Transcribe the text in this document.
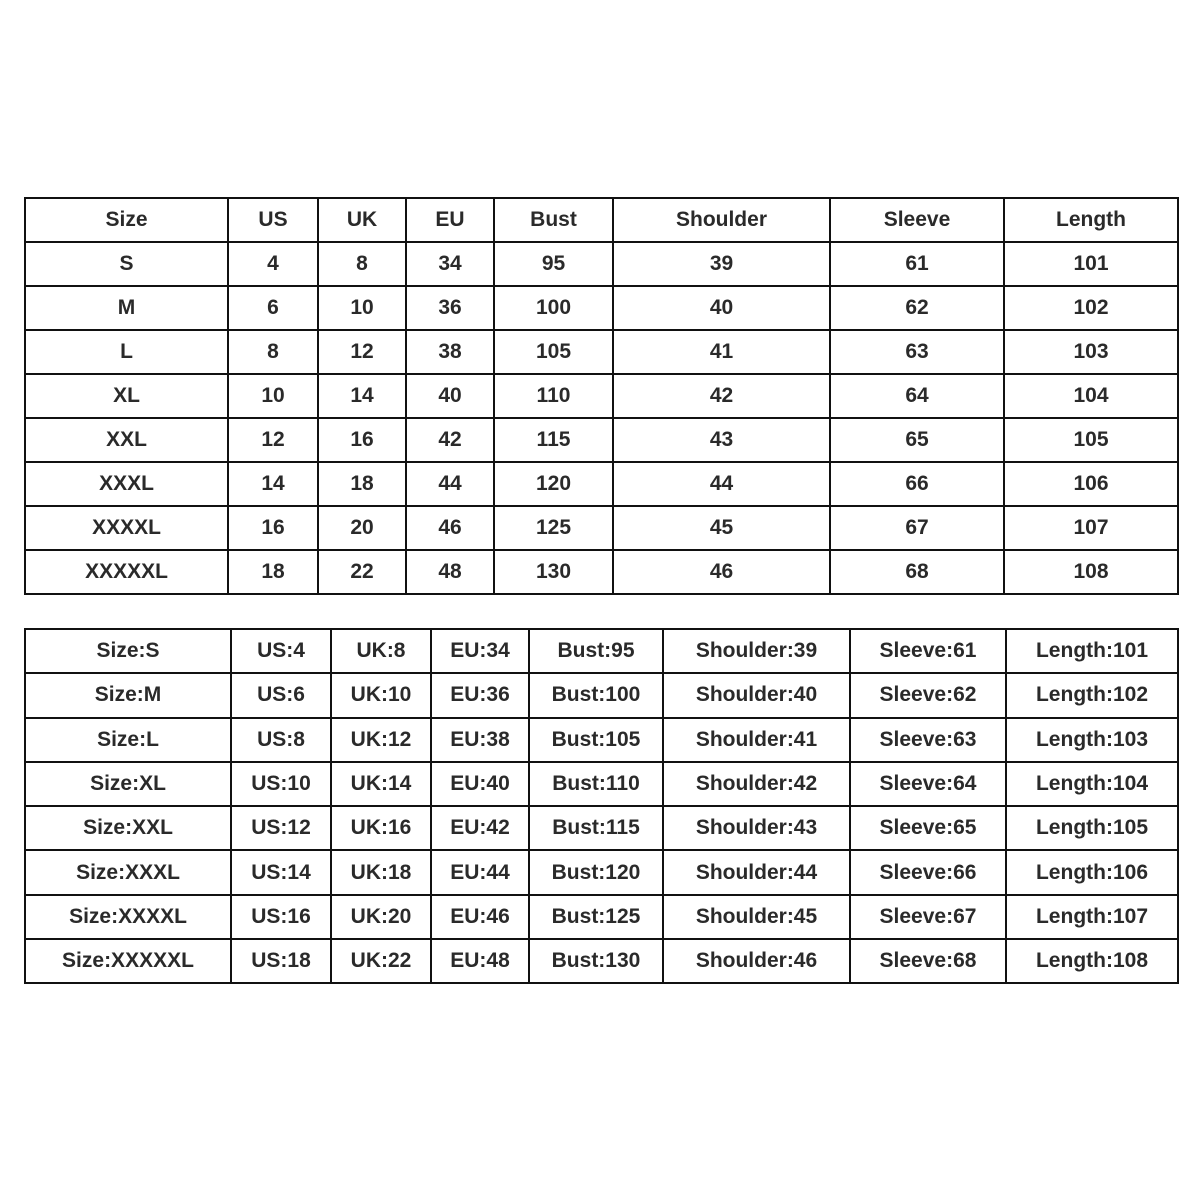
Size	US	UK	EU	Bust	Shoulder	Sleeve	Length
S	4	8	34	95	39	61	101
M	6	10	36	100	40	62	102
L	8	12	38	105	41	63	103
XL	10	14	40	110	42	64	104
XXL	12	16	42	115	43	65	105
XXXL	14	18	44	120	44	66	106
XXXXL	16	20	46	125	45	67	107
XXXXXL	18	22	48	130	46	68	108
Size:S	US:4	UK:8	EU:34	Bust:95	Shoulder:39	Sleeve:61	Length:101
Size:M	US:6	UK:10	EU:36	Bust:100	Shoulder:40	Sleeve:62	Length:102
Size:L	US:8	UK:12	EU:38	Bust:105	Shoulder:41	Sleeve:63	Length:103
Size:XL	US:10	UK:14	EU:40	Bust:110	Shoulder:42	Sleeve:64	Length:104
Size:XXL	US:12	UK:16	EU:42	Bust:115	Shoulder:43	Sleeve:65	Length:105
Size:XXXL	US:14	UK:18	EU:44	Bust:120	Shoulder:44	Sleeve:66	Length:106
Size:XXXXL	US:16	UK:20	EU:46	Bust:125	Shoulder:45	Sleeve:67	Length:107
Size:XXXXXL	US:18	UK:22	EU:48	Bust:130	Shoulder:46	Sleeve:68	Length:108
